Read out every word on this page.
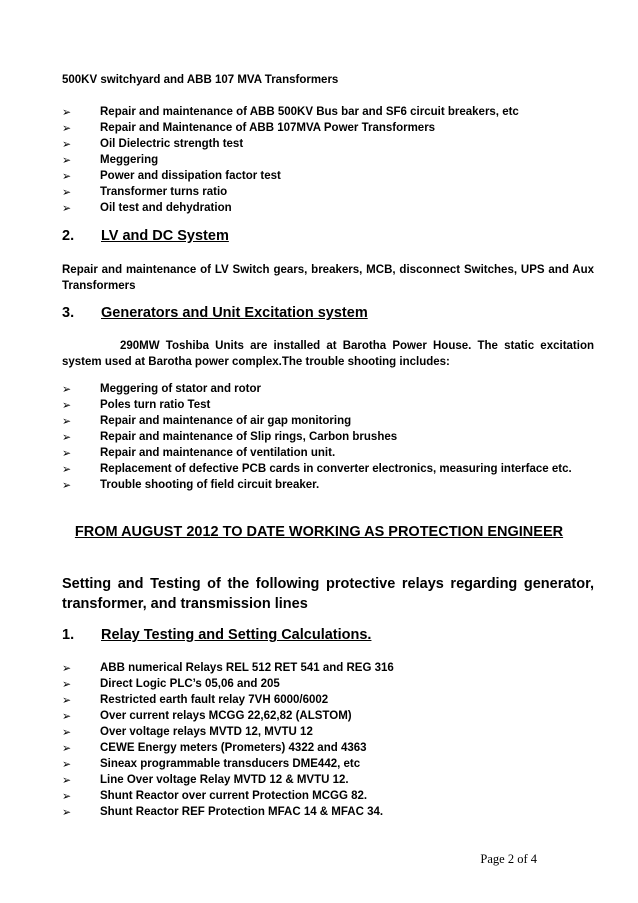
500KV switchyard and ABB 107 MVA Transformers
➢	Repair and maintenance of ABB 500KV Bus bar and SF6 circuit breakers, etc
➢	Repair and Maintenance of ABB 107MVA Power Transformers
➢	Oil Dielectric strength test
➢	Meggering
➢	Power and dissipation factor test
➢	Transformer turns ratio
➢	Oil test and dehydration
2. LV and DC System
Repair and maintenance of LV Switch gears, breakers, MCB, disconnect Switches, UPS and Aux Transformers
3. Generators and Unit Excitation system
290MW Toshiba Units are installed at Barotha Power House. The static excitation system used at Barotha power complex.The trouble shooting includes:
➢	Meggering of stator and rotor
➢	Poles turn ratio Test
➢	Repair and maintenance of air gap monitoring
➢	Repair and maintenance of Slip rings, Carbon brushes
➢	Repair and maintenance of ventilation unit.
➢	Replacement of defective PCB cards in converter electronics, measuring interface etc.
➢	Trouble shooting of field circuit breaker.
FROM AUGUST 2012 TO DATE WORKING AS PROTECTION ENGINEER
Setting and Testing of the following protective relays regarding generator, transformer, and transmission lines
1. Relay Testing and Setting Calculations.
➢	ABB numerical Relays REL 512 RET 541 and REG 316
➢	Direct Logic PLC’s 05,06 and 205
➢	Restricted earth fault relay 7VH 6000/6002
➢	Over current relays MCGG 22,62,82 (ALSTOM)
➢	Over voltage relays MVTD 12, MVTU 12
➢	CEWE Energy meters (Prometers) 4322 and 4363
➢	Sineax programmable transducers DME442, etc
➢	Line Over voltage Relay MVTD 12 & MVTU 12.
➢	Shunt Reactor over current Protection MCGG 82.
➢	Shunt Reactor REF Protection MFAC 14 & MFAC 34.
Page 2 of 4
